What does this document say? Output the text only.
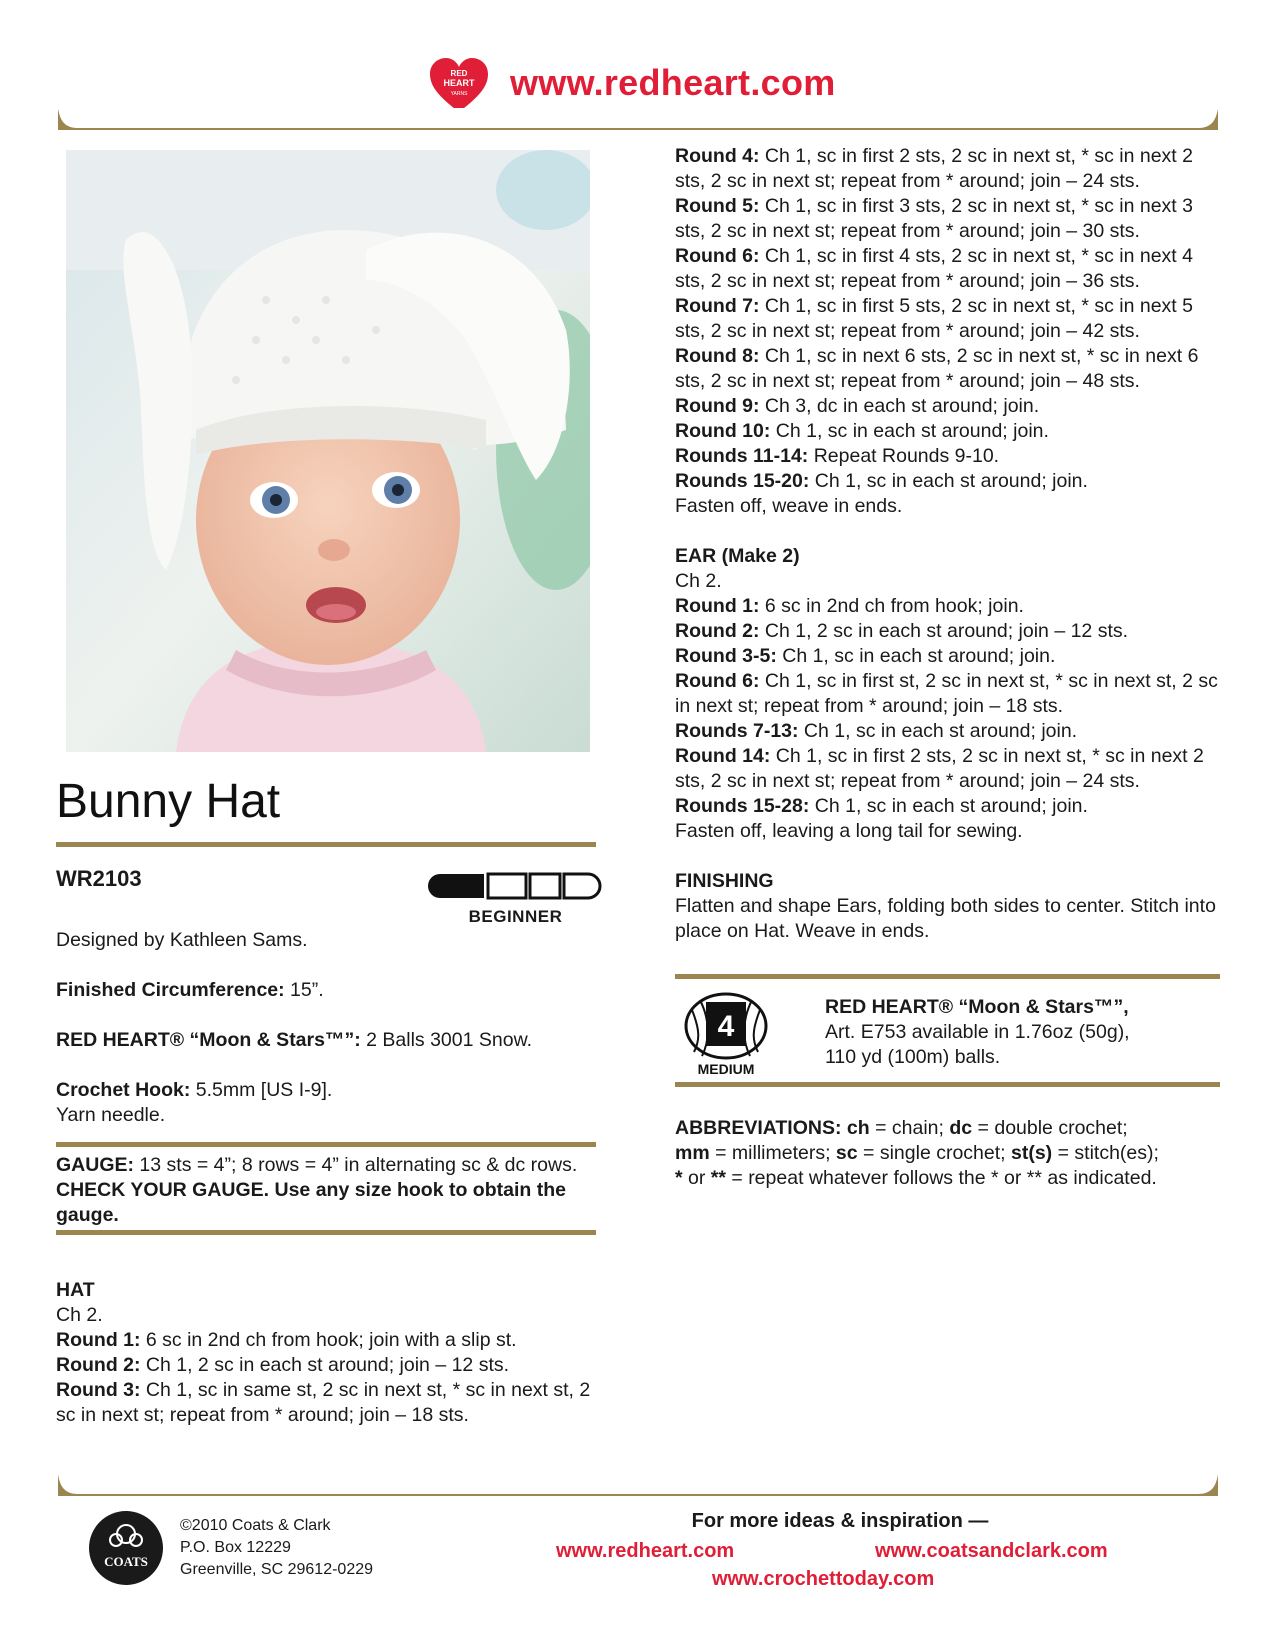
RED
HEART
YARNS www.redheart.com
Bunny Hat
WR2103
BEGINNER
Designed by Kathleen Sams.
Finished Circumference: 15”.
RED HEART® “Moon & Stars™”: 2 Balls 3001 Snow.
Crochet Hook: 5.5mm [US I-9].
Yarn needle.
GAUGE: 13 sts = 4”; 8 rows = 4” in alternating sc & dc rows. CHECK YOUR GAUGE. Use any size hook to obtain the gauge.
HAT
Ch 2.
Round 1: 6 sc in 2nd ch from hook; join with a slip st.
Round 2: Ch 1, 2 sc in each st around; join – 12 sts.
Round 3: Ch 1, sc in same st, 2 sc in next st, * sc in next st, 2 sc in next st; repeat from * around; join – 18 sts.
Round 4: Ch 1, sc in first 2 sts, 2 sc in next st, * sc in next 2 sts, 2 sc in next st; repeat from * around; join – 24 sts.
Round 5: Ch 1, sc in first 3 sts, 2 sc in next st, * sc in next 3 sts, 2 sc in next st; repeat from * around; join – 30 sts.
Round 6: Ch 1, sc in first 4 sts, 2 sc in next st, * sc in next 4 sts, 2 sc in next st; repeat from * around; join – 36 sts.
Round 7: Ch 1, sc in first 5 sts, 2 sc in next st, * sc in next 5 sts, 2 sc in next st; repeat from * around; join – 42 sts.
Round 8: Ch 1, sc in next 6 sts, 2 sc in next st, * sc in next 6 sts, 2 sc in next st; repeat from * around; join – 48 sts.
Round 9: Ch 3, dc in each st around; join.
Round 10: Ch 1, sc in each st around; join.
Rounds 11-14: Repeat Rounds 9-10.
Rounds 15-20: Ch 1, sc in each st around; join.
Fasten off, weave in ends.
EAR (Make 2)
Ch 2.
Round 1: 6 sc in 2nd ch from hook; join.
Round 2: Ch 1, 2 sc in each st around; join – 12 sts.
Round 3-5: Ch 1, sc in each st around; join.
Round 6: Ch 1, sc in first st, 2 sc in next st, * sc in next st, 2 sc in next st; repeat from * around; join – 18 sts.
Rounds 7-13: Ch 1, sc in each st around; join.
Round 14: Ch 1, sc in first 2 sts, 2 sc in next st, * sc in next 2 sts, 2 sc in next st; repeat from * around; join – 24 sts.
Rounds 15-28: Ch 1, sc in each st around; join.
Fasten off, leaving a long tail for sewing.
FINISHING
Flatten and shape Ears, folding both sides to center. Stitch into place on Hat. Weave in ends.
4
MEDIUM
RED HEART® “Moon & Stars™”,
Art. E753 available in 1.76oz (50g),
110 yd (100m) balls.
ABBREVIATIONS: ch = chain; dc = double crochet;
mm = millimeters; sc = single crochet; st(s) = stitch(es);
* or ** = repeat whatever follows the * or ** as indicated.
COATS
©2010 Coats & Clark
P.O. Box 12229
Greenville, SC 29612-0229
For more ideas & inspiration —
www.redheart.com	www.coatsandclark.com
www.crochettoday.com
